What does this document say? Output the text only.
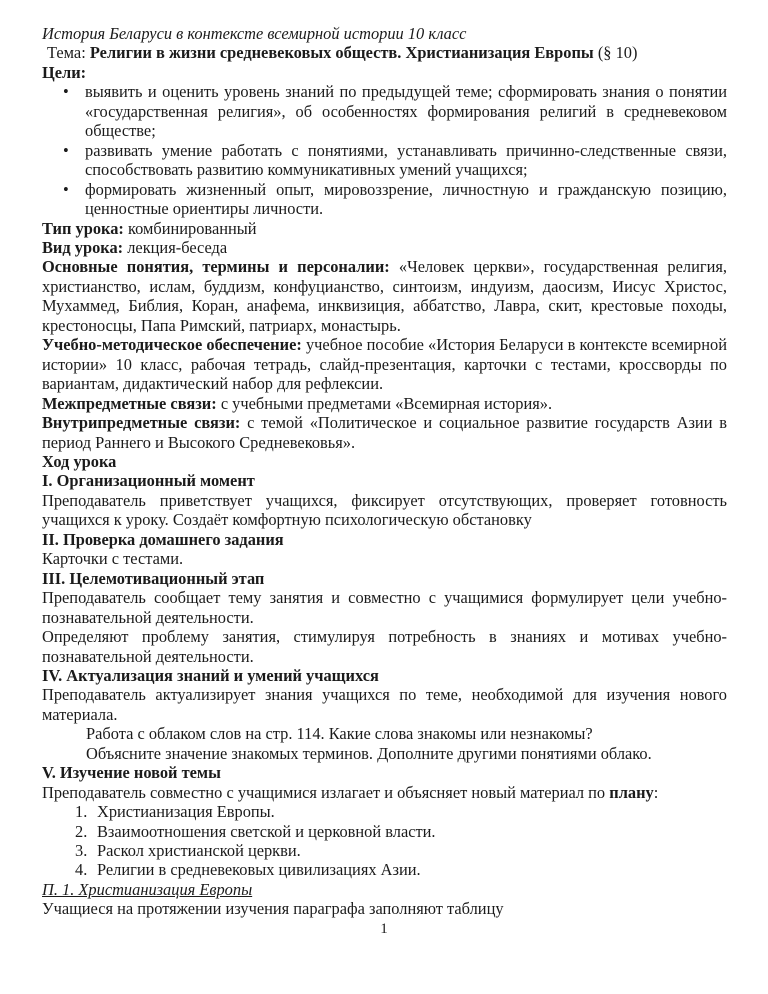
История Беларуси в контексте всемирной истории 10 класс

Тема: Религии в жизни средневековых обществ. Христианизация Европы (§ 10)

Цели:

• выявить и оценить уровень знаний по предыдущей теме; сформировать знания о понятии «государственная религия», об особенностях формирования религий в средневековом обществе;
• развивать умение работать с понятиями, устанавливать причинно-следственные связи, способствовать развитию коммуникативных умений учащихся;
• формировать жизненный опыт, мировоззрение, личностную и гражданскую позицию, ценностные ориентиры личности.

Тип урока: комбинированный

Вид урока: лекция-беседа

Основные понятия, термины и персоналии: «Человек церкви», государственная религия, христианство, ислам, буддизм, конфуцианство, синтоизм, индуизм, даосизм, Иисус Христос, Мухаммед, Библия, Коран, анафема, инквизиция, аббатство, Лавра, скит, крестовые походы, крестоносцы, Папа Римский, патриарх, монастырь.

Учебно-методическое обеспечение: учебное пособие «История Беларуси в контексте всемирной истории» 10 класс, рабочая тетрадь, слайд-презентация, карточки с тестами, кроссворды по вариантам, дидактический набор для рефлексии.

Межпредметные связи: с учебными предметами «Всемирная история».

Внутрипредметные связи: с темой «Политическое и социальное развитие государств Азии в период Раннего и Высокого Средневековья».

Ход урока

I. Организационный момент

Преподаватель приветствует учащихся, фиксирует отсутствующих, проверяет готовность учащихся к уроку. Создаёт комфортную психологическую обстановку

II. Проверка домашнего задания

Карточки с тестами.

III. Целемотивационный этап

Преподаватель сообщает тему занятия и совместно с учащимися формулирует цели учебно-познавательной деятельности.

Определяют проблему занятия, стимулируя потребность в знаниях и мотивах учебно-познавательной деятельности.

IV. Актуализация знаний и умений учащихся

Преподаватель актуализирует знания учащихся по теме, необходимой для изучения нового материала.

Работа с облаком слов на стр. 114. Какие слова знакомы или незнакомы?

Объясните значение знакомых терминов. Дополните другими понятиями облако.

V. Изучение новой темы

Преподаватель совместно с учащимися излагает и объясняет новый материал по плану:

1. Христианизация Европы.
2. Взаимоотношения светской и церковной власти.
3. Раскол христианской церкви.
4. Религии в средневековых цивилизациях Азии.

П. 1. Христианизация Европы

Учащиеся на протяжении изучения параграфа заполняют таблицу

1
